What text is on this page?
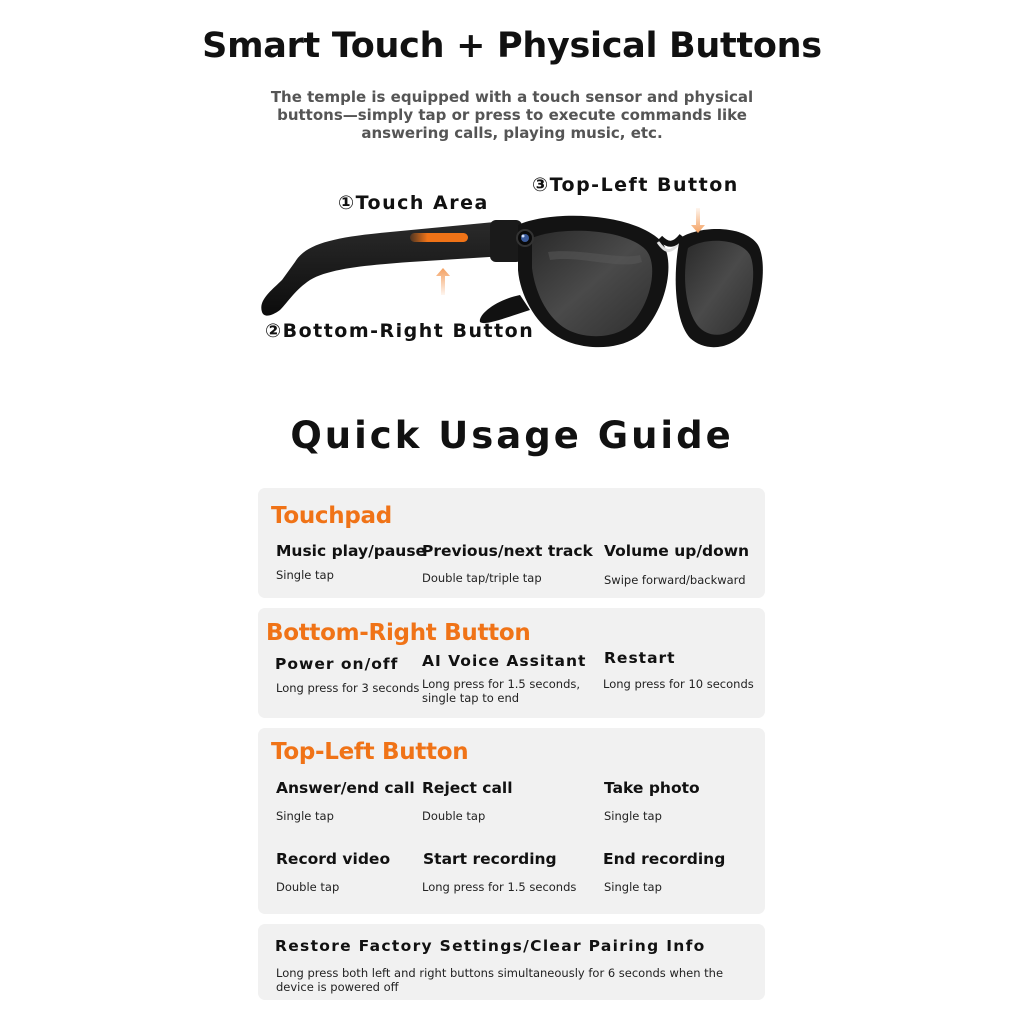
Smart Touch + Physical Buttons
The temple is equipped with a touch sensor and physical buttons—simply tap or press to execute commands like answering calls, playing music, etc.
①Touch Area
③Top-Left Button
②Bottom-Right Button
Quick Usage Guide
Touchpad
Music play/pause
Single tap
Previous/next track
Double tap/triple tap
Volume up/down
Swipe forward/backward
Bottom-Right Button
Power on/off
Long press for 3 seconds
AI Voice Assitant
Long press for 1.5 seconds, single tap to end
Restart
Long press for 10 seconds
Top-Left Button
Answer/end call
Single tap
Reject call
Double tap
Take photo
Single tap
Record video
Double tap
Start recording
Long press for 1.5 seconds
End recording
Single tap
Restore Factory Settings/Clear Pairing Info
Long press both left and right buttons simultaneously for 6 seconds when the device is powered off
